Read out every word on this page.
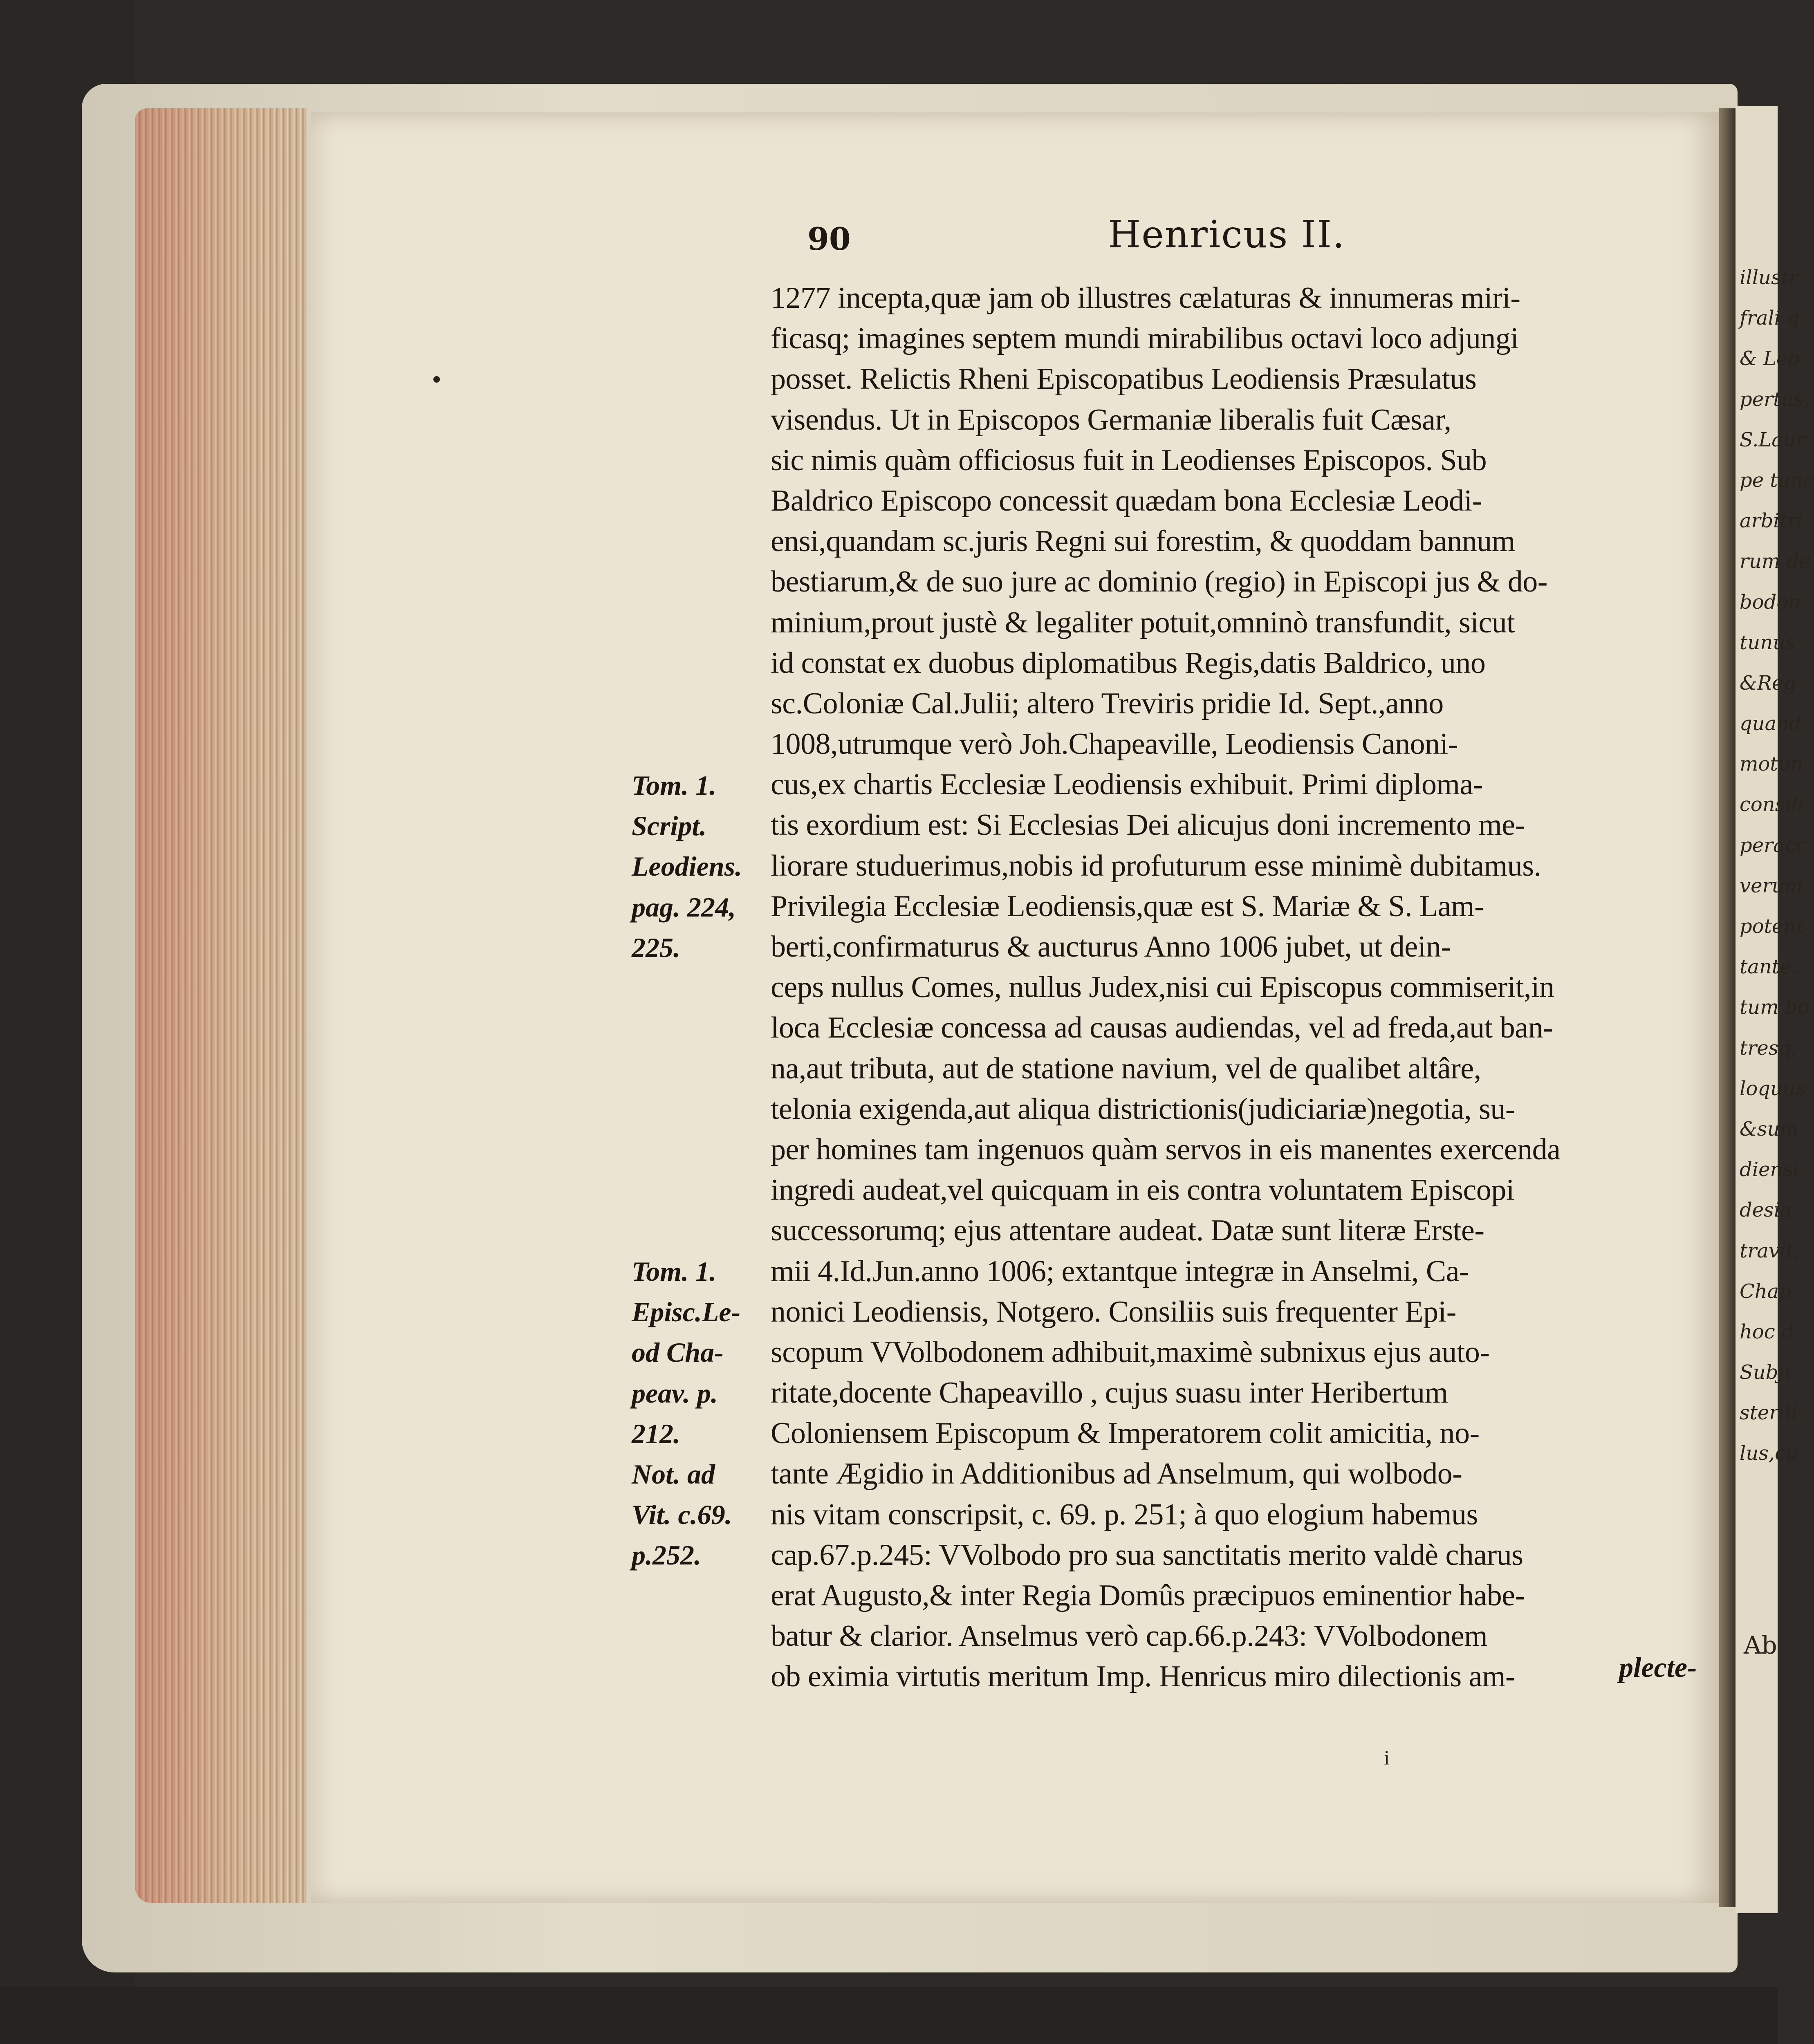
illustr
frali q
& Leo
pertus,
S.Laur
pe tunc
arbitri
rum de
bodon
tunus
&Reg
quand
motun
consili
peracc
verum
potent
tante.
tum bo
tresq;
loquus
&sum
diensi
desia
travit,
Chap
hoc d
Subji
sterili
lus,cu
Ab
90	Henricus II.
1277 incepta,quæ jam ob illustres cælaturas & innumeras miri-
ficasq; imagines septem mundi mirabilibus octavi loco adjungi
posset. Relictis Rheni Episcopatibus Leodiensis Præsulatus
visendus. Ut in Episcopos Germaniæ liberalis fuit Cæsar,
sic nimis quàm officiosus fuit in Leodienses Episcopos. Sub
Baldrico Episcopo concessit quædam bona Ecclesiæ Leodi-
ensi,quandam sc.juris Regni sui forestim, & quoddam bannum
bestiarum,& de suo jure ac dominio (regio) in Episcopi jus & do-
minium,prout justè & legaliter potuit,omninò transfundit, sicut
id constat ex duobus diplomatibus Regis,datis Baldrico, uno
sc.Coloniæ Cal.Julii; altero Treviris pridie Id. Sept.,anno
1008,utrumque verò Joh.Chapeaville, Leodiensis Canoni-
cus,ex chartis Ecclesiæ Leodiensis exhibuit. Primi diploma-
tis exordium est: Si Ecclesias Dei alicujus doni incremento me-
liorare studuerimus,nobis id profuturum esse minimè dubitamus.
Privilegia Ecclesiæ Leodiensis,quæ est S. Mariæ & S. Lam-
berti,confirmaturus & aucturus Anno 1006 jubet, ut dein-
ceps nullus Comes, nullus Judex,nisi cui Episcopus commiserit,in
loca Ecclesiæ concessa ad causas audiendas, vel ad freda,aut ban-
na,aut tributa, aut de statione navium, vel de qualibet altâre,
telonia exigenda,aut aliqua districtionis(judiciariæ)negotia, su-
per homines tam ingenuos quàm servos in eis manentes exercenda
ingredi audeat,vel quicquam in eis contra voluntatem Episcopi
successorumq; ejus attentare audeat. Datæ sunt literæ Erste-
mii 4.Id.Jun.anno 1006; extantque integræ in Anselmi, Ca-
nonici Leodiensis, Notgero. Consiliis suis frequenter Epi-
scopum VVolbodonem adhibuit,maximè subnixus ejus auto-
ritate,docente Chapeavillo , cujus suasu inter Heribertum
Coloniensem Episcopum & Imperatorem colit amicitia, no-
tante Ægidio in Additionibus ad Anselmum, qui wolbodo-
nis vitam conscripsit, c. 69. p. 251; à quo elogium habemus
cap.67.p.245: VVolbodo pro sua sanctitatis merito valdè charus
erat Augusto,& inter Regia Domûs præcipuos eminentior habe-
batur & clarior. Anselmus verò cap.66.p.243: VVolbodonem
ob eximia virtutis meritum Imp. Henricus miro dilectionis am-
Tom. 1.
Script.
Leodiens.
pag. 224,
225.
Tom. 1.
Episc.Le-
od Cha-
peav. p.
212.
Not. ad
Vit. c.69.
p.252.
plecte-
i
